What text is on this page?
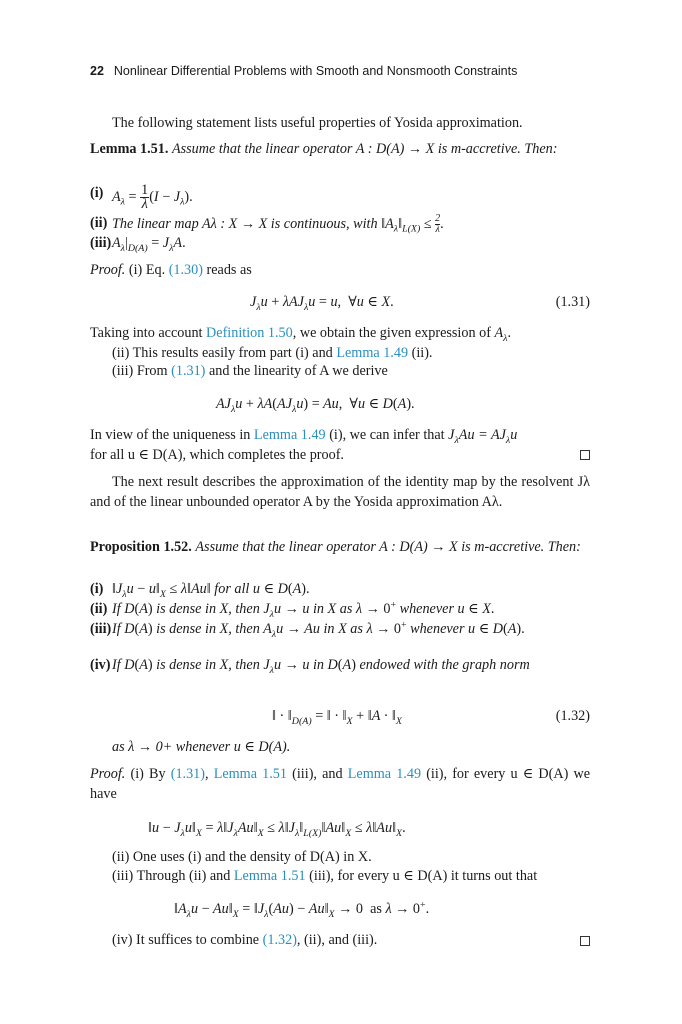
22 Nonlinear Differential Problems with Smooth and Nonsmooth Constraints
The following statement lists useful properties of Yosida approximation.
Lemma 1.51. Assume that the linear operator A : D(A) → X is m-accretive. Then:
(i) $A_\lambda = \frac{1}{\lambda} (I - J_\lambda)$.
(ii) The linear map Aλ : X → X is continuous, with $‖A_\lambda‖_{L(X)} \le \frac{2}{\lambda}$ .
(iii) $A_\lambda|_{D(A)} = J_\lambda A$.
Proof. (i) Eq. (1.30) reads as
$J_\lambda u + \lambda AJ_\lambda u = u$, ∀u ∈ X.	(1.31)
Taking into account Definition 1.50, we obtain the given expression of $A_\lambda$.
(ii) This results easily from part (i) and Lemma 1.49 (ii).
(iii) From (1.31) and the linearity of A we derive
$AJ_\lambda u + \lambda A(AJ_\lambda u) = Au$, ∀u ∈ D(A).
In view of the uniqueness in Lemma 1.49 (i), we can infer that $J_\lambda Au = AJ_\lambda u$
for all u ∈ D(A), which completes the proof.
The next result describes the approximation of the identity map by the resolvent Jλ and of the linear unbounded operator A by the Yosida approximation Aλ.
Proposition 1.52. Assume that the linear operator A : D(A) → X is m-accretive. Then:
(i) $‖J_\lambda u$ − $u‖_X$ ≤ λ‖Au‖ for all u ∈ D(A).
(ii) If D(A) is dense in X, then $J_\lambda u \to u$ in X as λ → 0+ whenever u ∈ X.
(iii) If D(A) is dense in X, then $A_\lambda u \to Au$ in X as λ → 0+ whenever u ∈ D(A).
(iv) If D(A) is dense in X, then $J_\lambda u \to u$ in D(A) endowed with the graph norm
‖ · $‖_{D(A)}$ = ‖ · $‖_X$ + ‖A · $‖_X$	(1.32)
as λ → 0+ whenever u ∈ D(A).
Proof. (i) By (1.31), Lemma 1.51 (iii), and Lemma 1.49 (ii), for every u ∈ D(A) we have
‖u − $J_\lambda u‖_X$ = $\lambda‖J_\lambda Au‖_X$ ≤ $\lambda‖J_\lambda‖_{L(X)}‖Au‖_X$ ≤ $\lambda‖Au‖_X$.
(ii) One uses (i) and the density of D(A) in X.
(iii) Through (ii) and Lemma 1.51 (iii), for every u ∈ D(A) it turns out that
$‖A_\lambda u$ − $Au‖_X$ = $‖J_\lambda(Au)$ − $Au‖_X \to 0$ as λ → 0+.
(iv) It suffices to combine (1.32), (ii), and (iii).
